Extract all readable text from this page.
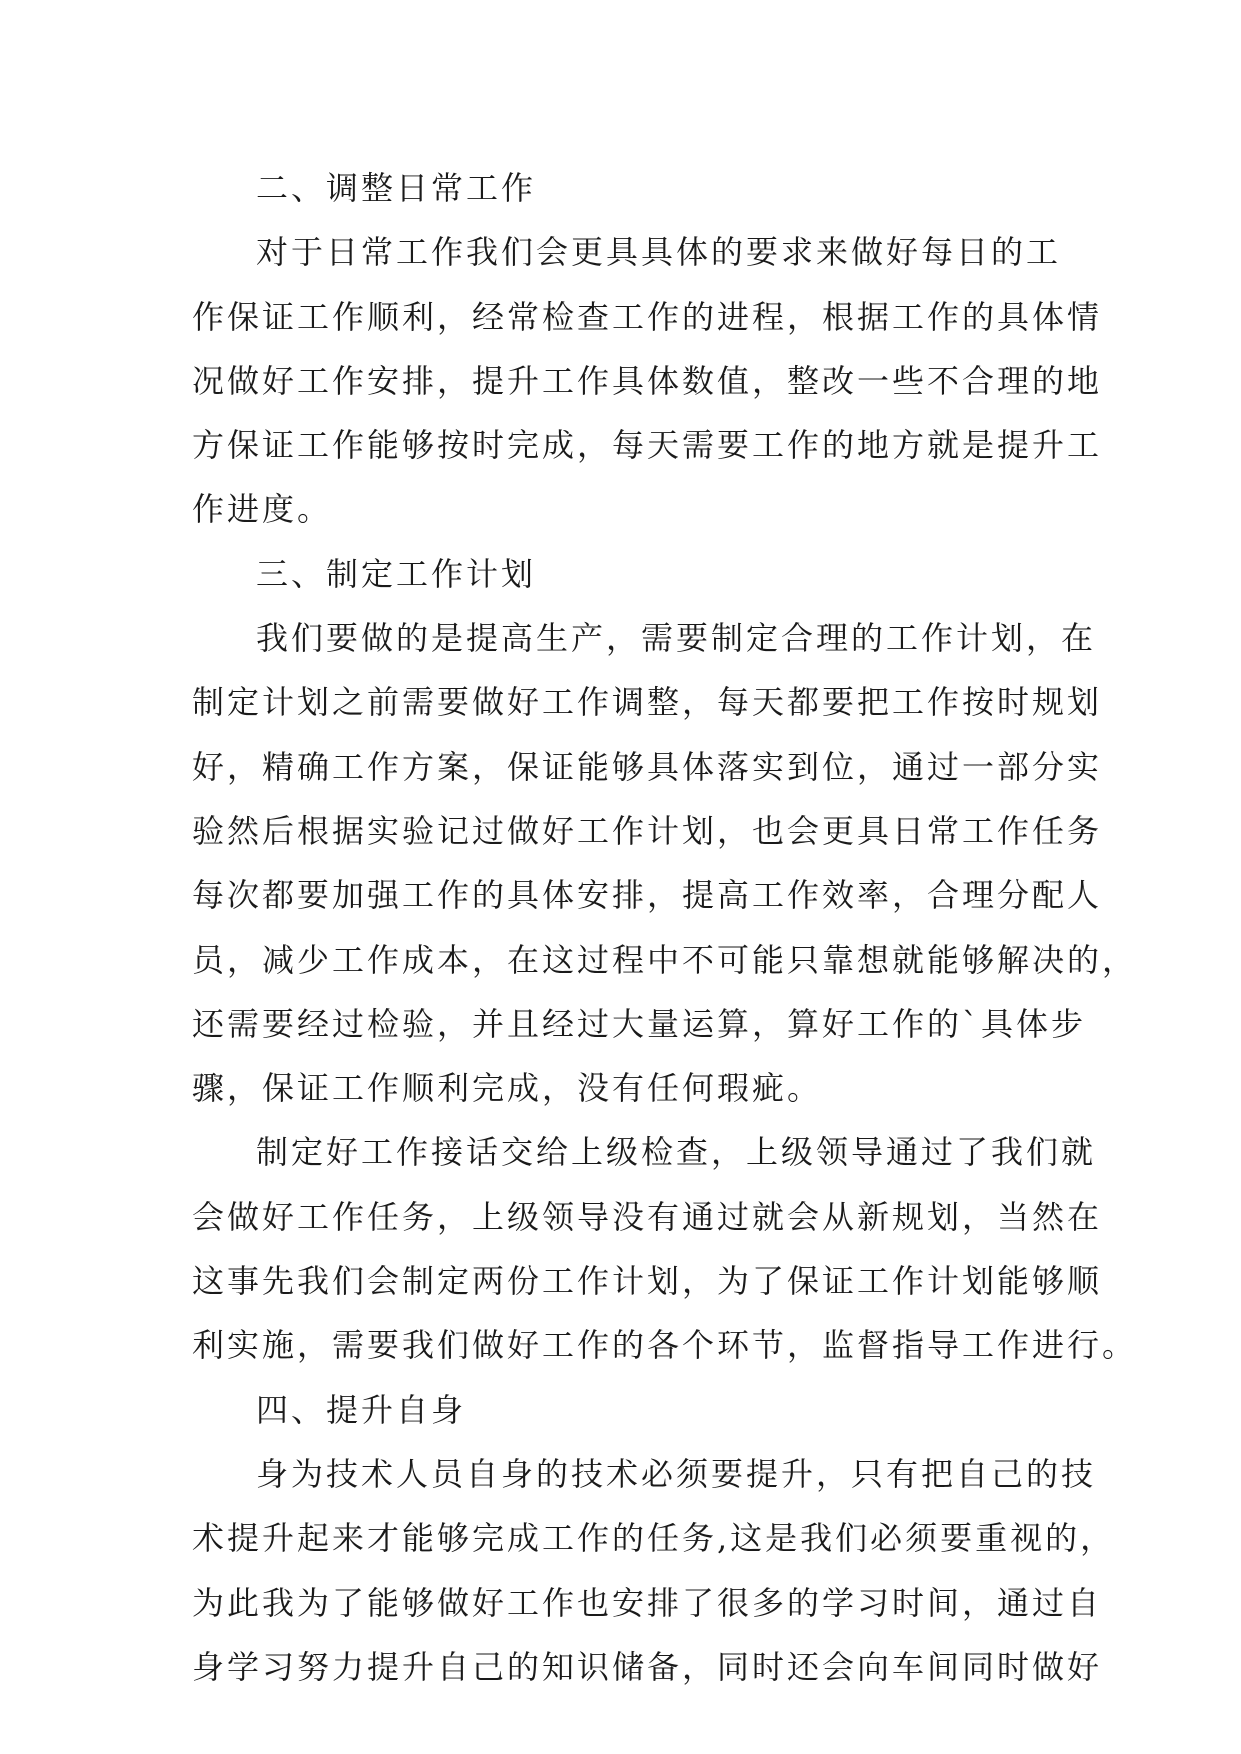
二、调整日常工作
对于日常工作我们会更具具体的要求来做好每日的工
作保证工作顺利，经常检查工作的进程，根据工作的具体情
况做好工作安排，提升工作具体数值，整改一些不合理的地
方保证工作能够按时完成，每天需要工作的地方就是提升工
作进度。
三、制定工作计划
我们要做的是提高生产，需要制定合理的工作计划，在
制定计划之前需要做好工作调整，每天都要把工作按时规划
好，精确工作方案，保证能够具体落实到位，通过一部分实
验然后根据实验记过做好工作计划，也会更具日常工作任务
每次都要加强工作的具体安排，提高工作效率，合理分配人
员，减少工作成本，在这过程中不可能只靠想就能够解决的，
还需要经过检验，并且经过大量运算，算好工作的`具体步
骤，保证工作顺利完成，没有任何瑕疵。
制定好工作接话交给上级检查，上级领导通过了我们就
会做好工作任务，上级领导没有通过就会从新规划，当然在
这事先我们会制定两份工作计划，为了保证工作计划能够顺
利实施，需要我们做好工作的各个环节，监督指导工作进行。
四、提升自身
身为技术人员自身的技术必须要提升，只有把自己的技
术提升起来才能够完成工作的任务,这是我们必须要重视的，
为此我为了能够做好工作也安排了很多的学习时间，通过自
身学习努力提升自己的知识储备，同时还会向车间同时做好
